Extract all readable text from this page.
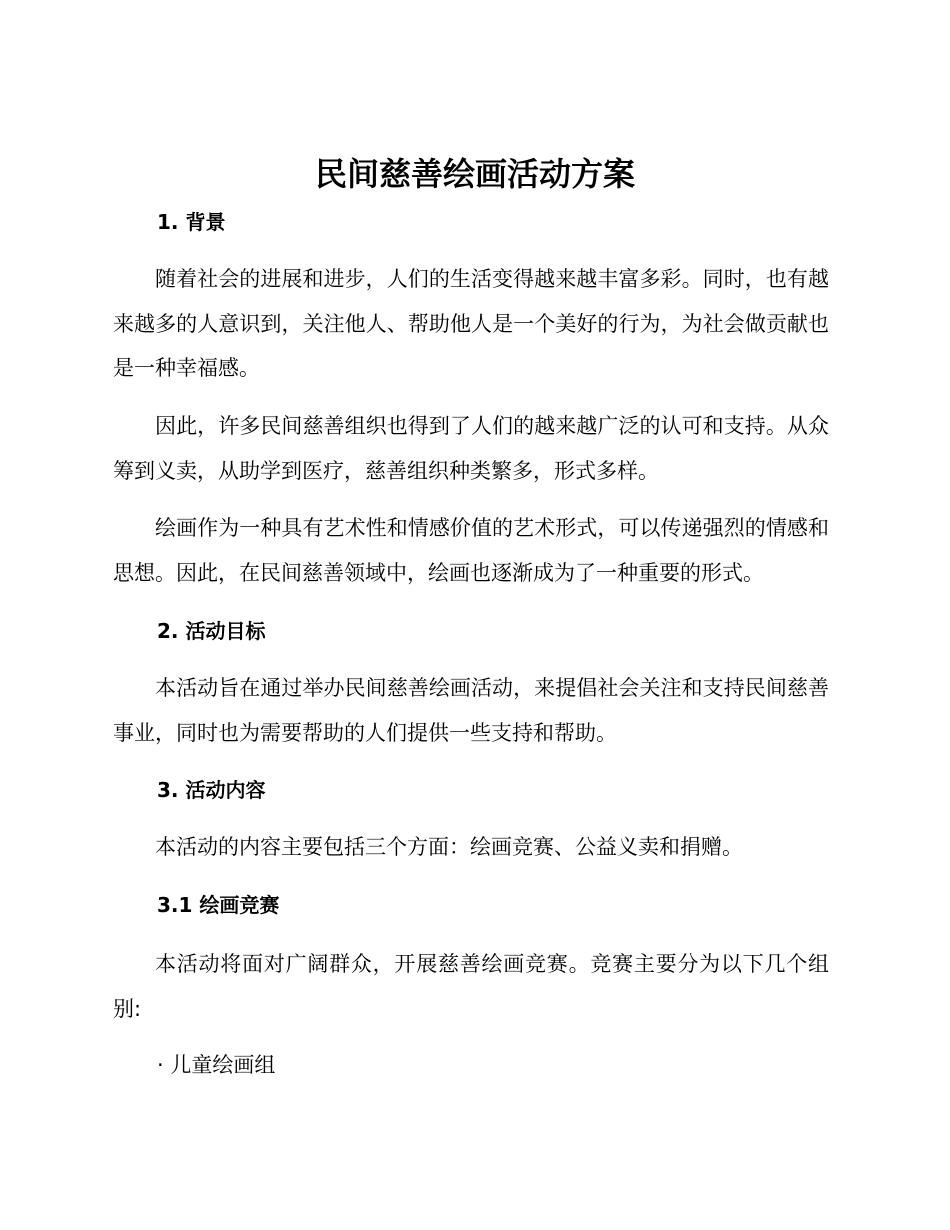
民间慈善绘画活动方案
1. 背景

随着社会的进展和进步，人们的生活变得越来越丰富多彩。同时，也有越来越多的人意识到，关注他人、帮助他人是一个美好的行为，为社会做贡献也是一种幸福感。

因此，许多民间慈善组织也得到了人们的越来越广泛的认可和支持。从众筹到义卖，从助学到医疗，慈善组织种类繁多，形式多样。

绘画作为一种具有艺术性和情感价值的艺术形式，可以传递强烈的情感和思想。因此，在民间慈善领域中，绘画也逐渐成为了一种重要的形式。

2. 活动目标

本活动旨在通过举办民间慈善绘画活动，来提倡社会关注和支持民间慈善事业，同时也为需要帮助的人们提供一些支持和帮助。

3. 活动内容

本活动的内容主要包括三个方面：绘画竞赛、公益义卖和捐赠。

3.1 绘画竞赛

本活动将面对广阔群众，开展慈善绘画竞赛。竞赛主要分为以下几个组别:

· 儿童绘画组
